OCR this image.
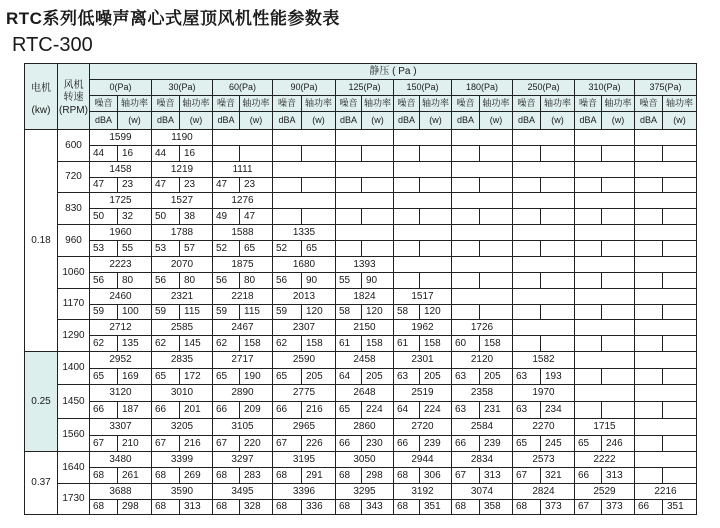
RTC系列低噪声离心式屋顶风机性能参数表
RTC-300
电机
(kw)
风机
转速
(RPM)
静压 ( Pa )
0(Pa)
噪音 轴功率
dBA (w)
30(Pa)
噪音 轴功率
dBA (w)
60(Pa)
噪音 轴功率
dBA (w)
90(Pa)
噪音 轴功率
dBA (w)
125(Pa)
噪音 轴功率
dBA (w)
150(Pa)
噪音 轴功率
dBA (w)
180(Pa)
噪音 轴功率
dBA (w)
250(Pa)
噪音 轴功率
dBA (w)
310(Pa)
噪音 轴功率
dBA (w)
375(Pa)
噪音 轴功率
dBA (w)
0.18
600
1599
44 16
1190
44 16
720
1458
47 23
1219
47 23
1111
47 23
830
1725
50 32
1527
50 38
1276
49 47
960
1960
53 55
1788
53 57
1588
52 65
1335
52 65
1060
2223
56 80
2070
56 80
1875
56 80
1680
56 90
1393
55 90
1170
2460
59 100
2321
59 115
2218
59 115
2013
59 120
1824
58 120
1517
58 120
1290
2712
62 135
2585
62 145
2467
62 158
2307
62 158
2150
61 158
1962
61 158
1726
60 158
0.25
1400
2952
65 169
2835
65 172
2717
65 190
2590
65 205
2458
64 205
2301
63 205
2120
63 205
1582
63 193
1450
3120
66 187
3010
66 201
2890
66 209
2775
66 216
2648
65 224
2519
64 224
2358
63 231
1970
63 234
1560
3307
67 210
3205
67 216
3105
67 220
2965
67 226
2860
66 230
2720
66 239
2584
66 239
2270
65 245
1715
65 246
0.37
1640
3480
68 261
3399
68 269
3297
68 283
3195
68 291
3050
68 298
2944
68 306
2834
67 313
2573
67 321
2222
66 313
1730
3688
68 298
3590
68 313
3495
68 328
3396
68 336
3295
68 343
3192
68 351
3074
68 358
2824
68 373
2529
67 373
2216
66 351
